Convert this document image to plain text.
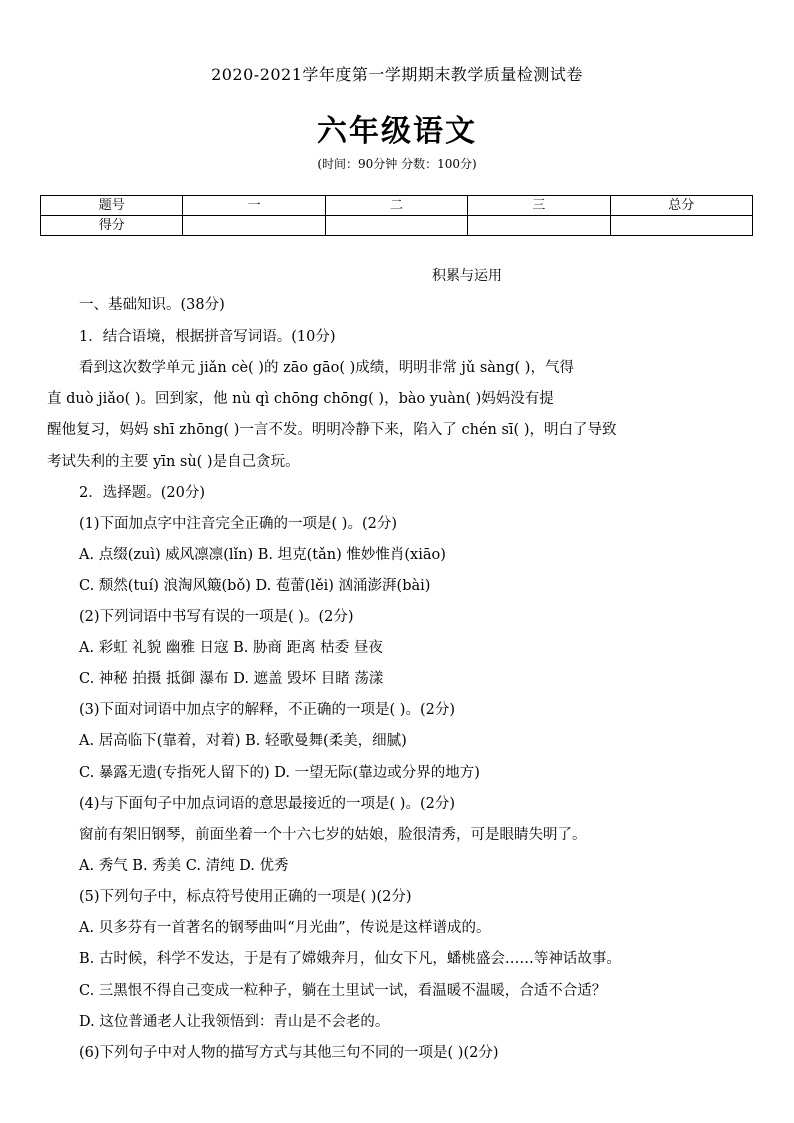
2020-2021学年度第一学期期末教学质量检测试卷
六年级语文
(时间：90分钟 分数：100分)
题号	一	二	三	总分
得分				
积累与运用
一、基础知识。(38分)
1．结合语境，根据拼音写词语。(10分)
看到这次数学单元 jiǎn cè( )的 zāo gāo( )成绩，明明非常 jǔ sàng( )，气得
直 duò jiǎo( )。回到家，他 nù qì chōng chōng( )，bào yuàn( )妈妈没有提
醒他复习，妈妈 shī zhōng( )一言不发。明明冷静下来，陷入了 chén sī( )，明白了导致
考试失利的主要 yīn sù( )是自己贪玩。
2．选择题。(20分)
(1)下面加点字中注音完全正确的一项是( )。(2分)
A. 点缀(zuì) 威风凛凛(lǐn) B. 坦克(tǎn) 惟妙惟肖(xiāo)
C. 颓然(tuí) 浪淘风簸(bǒ) D. 苞蕾(lěi) 汹涌澎湃(bài)
(2)下列词语中书写有误的一项是( )。(2分)
A. 彩虹 礼貌 幽雅 日寇 B. 胁商 距离 枯委 昼夜
C. 神秘 拍摄 抵御 瀑布 D. 遮盖 毁坏 目睹 荡漾
(3)下面对词语中加点字的解释，不正确的一项是( )。(2分)
A. 居高临下(靠着，对着) B. 轻歌曼舞(柔美，细腻)
C. 暴露无遗(专指死人留下的) D. 一望无际(靠边或分界的地方)
(4)与下面句子中加点词语的意思最接近的一项是( )。(2分)
窗前有架旧钢琴，前面坐着一个十六七岁的姑娘，脸很清秀，可是眼睛失明了。
A. 秀气 B. 秀美 C. 清纯 D. 优秀
(5)下列句子中，标点符号使用正确的一项是( )(2分)
A. 贝多芬有一首著名的钢琴曲叫“月光曲”，传说是这样谱成的。
B. 古时候，科学不发达，于是有了嫦娥奔月，仙女下凡，蟠桃盛会……等神话故事。
C. 三黑恨不得自己变成一粒种子，躺在土里试一试，看温暖不温暖，合适不合适？
D. 这位普通老人让我领悟到：青山是不会老的。
(6)下列句子中对人物的描写方式与其他三句不同的一项是( )(2分)
